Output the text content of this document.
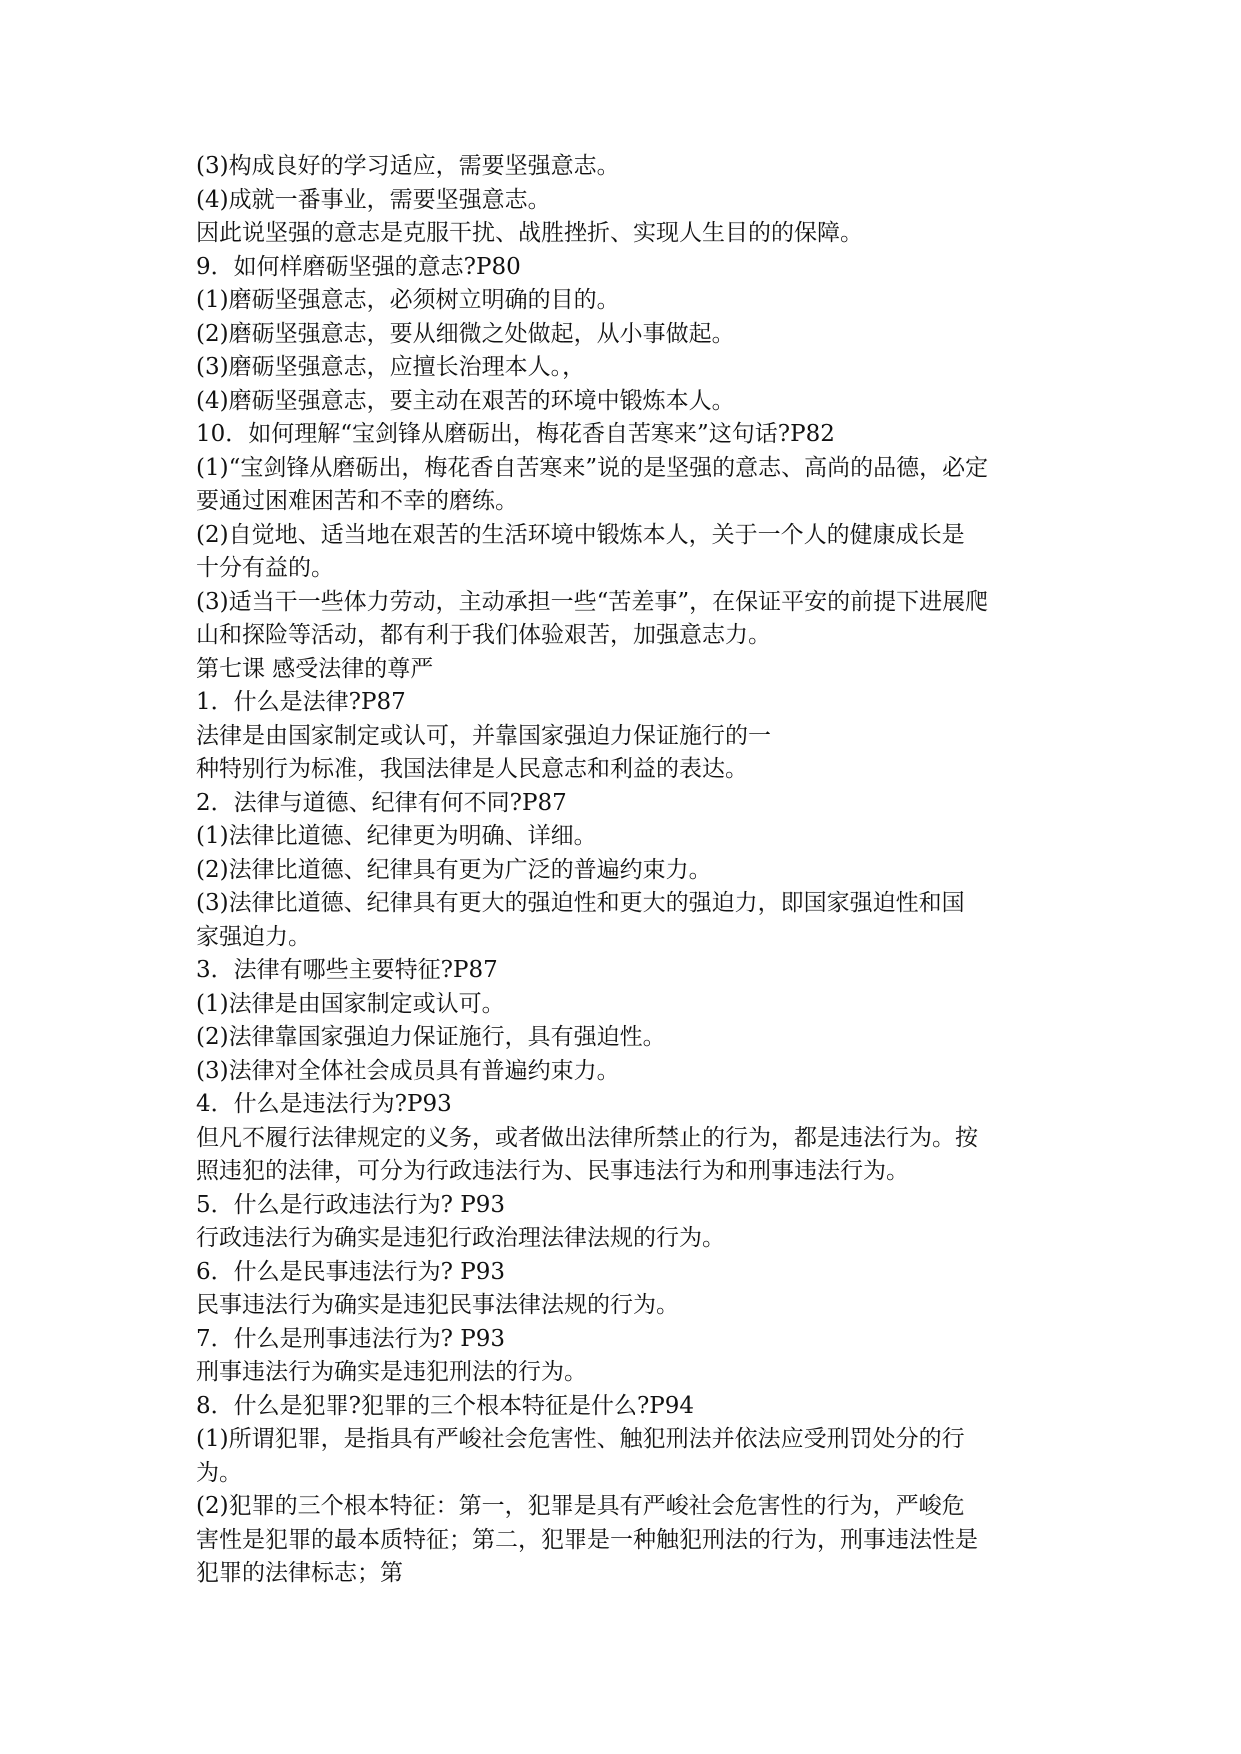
(3)构成良好的学习适应，需要坚强意志。
(4)成就一番事业，需要坚强意志。
因此说坚强的意志是克服干扰、战胜挫折、实现人生目的的保障。
9．如何样磨砺坚强的意志?P80
(1)磨砺坚强意志，必须树立明确的目的。
(2)磨砺坚强意志，要从细微之处做起，从小事做起。
(3)磨砺坚强意志，应擅长治理本人。，
(4)磨砺坚强意志，要主动在艰苦的环境中锻炼本人。
10．如何理解“宝剑锋从磨砺出，梅花香自苦寒来”这句话?P82
(1)“宝剑锋从磨砺出，梅花香自苦寒来”说的是坚强的意志、高尚的品德，必定
要通过困难困苦和不幸的磨练。
(2)自觉地、适当地在艰苦的生活环境中锻炼本人，关于一个人的健康成长是
十分有益的。
(3)适当干一些体力劳动，主动承担一些“苦差事”，在保证平安的前提下进展爬
山和探险等活动，都有利于我们体验艰苦，加强意志力。
第七课 感受法律的尊严
1．什么是法律?P87
法律是由国家制定或认可，并靠国家强迫力保证施行的一
种特别行为标准，我国法律是人民意志和利益的表达。
2．法律与道德、纪律有何不同?P87
(1)法律比道德、纪律更为明确、详细。
(2)法律比道德、纪律具有更为广泛的普遍约束力。
(3)法律比道德、纪律具有更大的强迫性和更大的强迫力，即国家强迫性和国
家强迫力。
3．法律有哪些主要特征?P87
(1)法律是由国家制定或认可。
(2)法律靠国家强迫力保证施行，具有强迫性。
(3)法律对全体社会成员具有普遍约束力。
4．什么是违法行为?P93
但凡不履行法律规定的义务，或者做出法律所禁止的行为，都是违法行为。按
照违犯的法律，可分为行政违法行为、民事违法行为和刑事违法行为。
5．什么是行政违法行为? P93
行政违法行为确实是违犯行政治理法律法规的行为。
6．什么是民事违法行为? P93
民事违法行为确实是违犯民事法律法规的行为。
7．什么是刑事违法行为? P93
刑事违法行为确实是违犯刑法的行为。
8．什么是犯罪?犯罪的三个根本特征是什么?P94
(1)所谓犯罪，是指具有严峻社会危害性、触犯刑法并依法应受刑罚处分的行
为。
(2)犯罪的三个根本特征：第一，犯罪是具有严峻社会危害性的行为，严峻危
害性是犯罪的最本质特征；第二，犯罪是一种触犯刑法的行为，刑事违法性是
犯罪的法律标志；第
